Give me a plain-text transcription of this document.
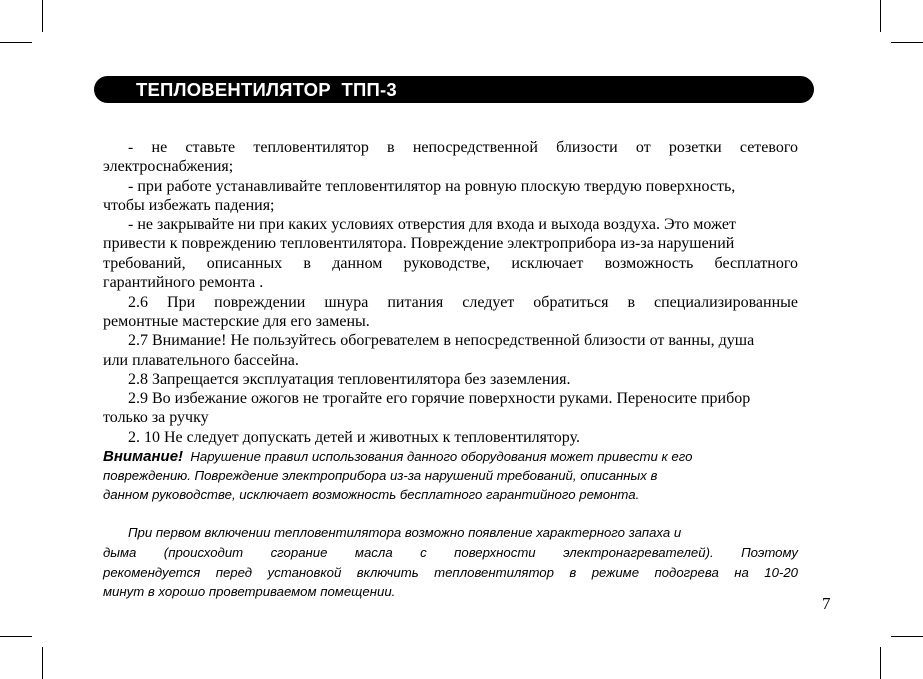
ТЕПЛОВЕНТИЛЯТОР  ТПП-3
- не ставьте тепловентилятор в непосредственной близости от розетки сетевого
электроснабжения;
- при работе устанавливайте тепловентилятор на ровную плоскую твердую поверхность,
чтобы избежать падения;
- не закрывайте ни при каких условиях отверстия для входа и выхода воздуха. Это может
привести к повреждению тепловентилятора. Повреждение электроприбора из-за нарушений
требований, описанных в данном руководстве, исключает возможность бесплатного
гарантийного ремонта .
2.6 При повреждении шнура питания следует обратиться в специализированные
ремонтные мастерские для его замены.
2.7 Внимание! Не пользуйтесь обогревателем в непосредственной близости от ванны, душа
или плавательного бассейна.
2.8 Запрещается эксплуатация тепловентилятора без заземления.
2.9 Во избежание ожогов не трогайте его горячие поверхности руками. Переносите прибор
только за ручку
2. 10 Не следует допускать детей и животных к тепловентилятору.
Внимание! Нарушение правил использования данного оборудования может привести к его
повреждению. Повреждение электроприбора из-за нарушений требований, описанных в
данном руководстве, исключает возможность бесплатного гарантийного ремонта.
При первом включении тепловентилятора возможно появление характерного запаха и
дыма (происходит сгорание масла с поверхности электронагревателей). Поэтому
рекомендуется перед установкой включить тепловентилятор в режиме подогрева на 10-20
минут в хорошо проветриваемом помещении.
7
